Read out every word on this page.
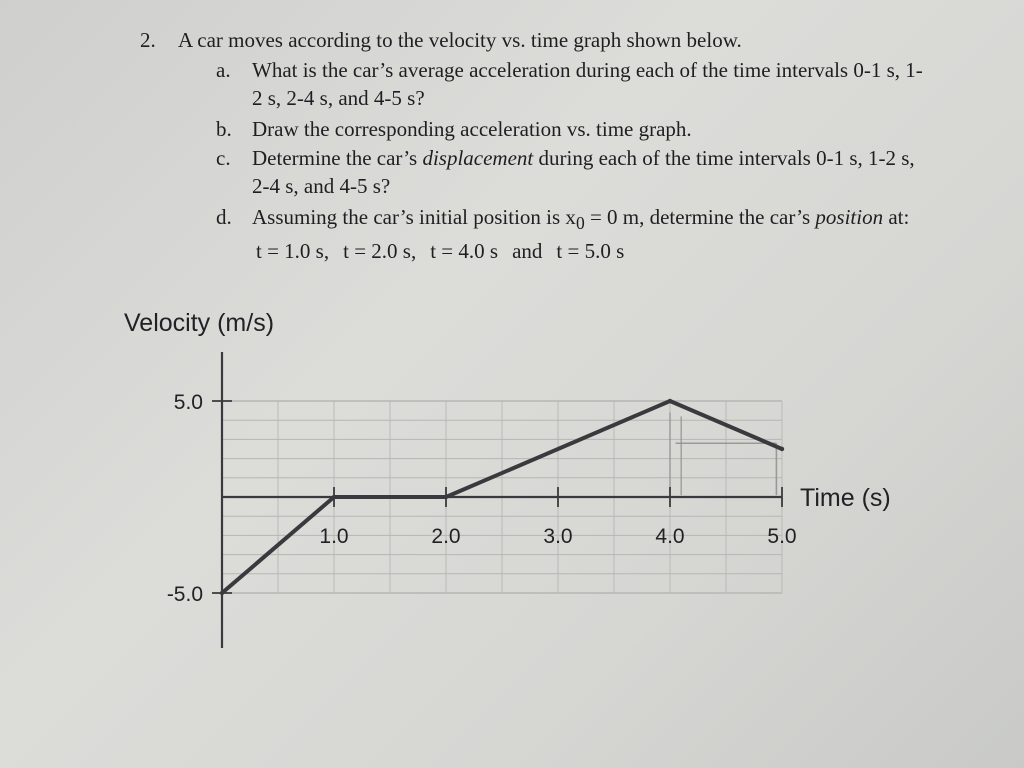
2. A car moves according to the velocity vs. time graph shown below.
a. What is the car’s average acceleration during each of the time intervals 0-1 s, 1-
2 s, 2-4 s, and 4-5 s?
b. Draw the corresponding acceleration vs. time graph.
c. Determine the car’s displacement during each of the time intervals 0-1 s, 1-2 s,
2-4 s, and 4-5 s?
d. Assuming the car’s initial position is $x_0 = 0$ m, determine the car’s position at:
t = 1.0 s, t = 2.0 s, t = 4.0 s and t = 5.0 s
Velocity (m/s)
Time (s)
1.0	2.0	3.0	4.0	5.0
5.0
-5.0
